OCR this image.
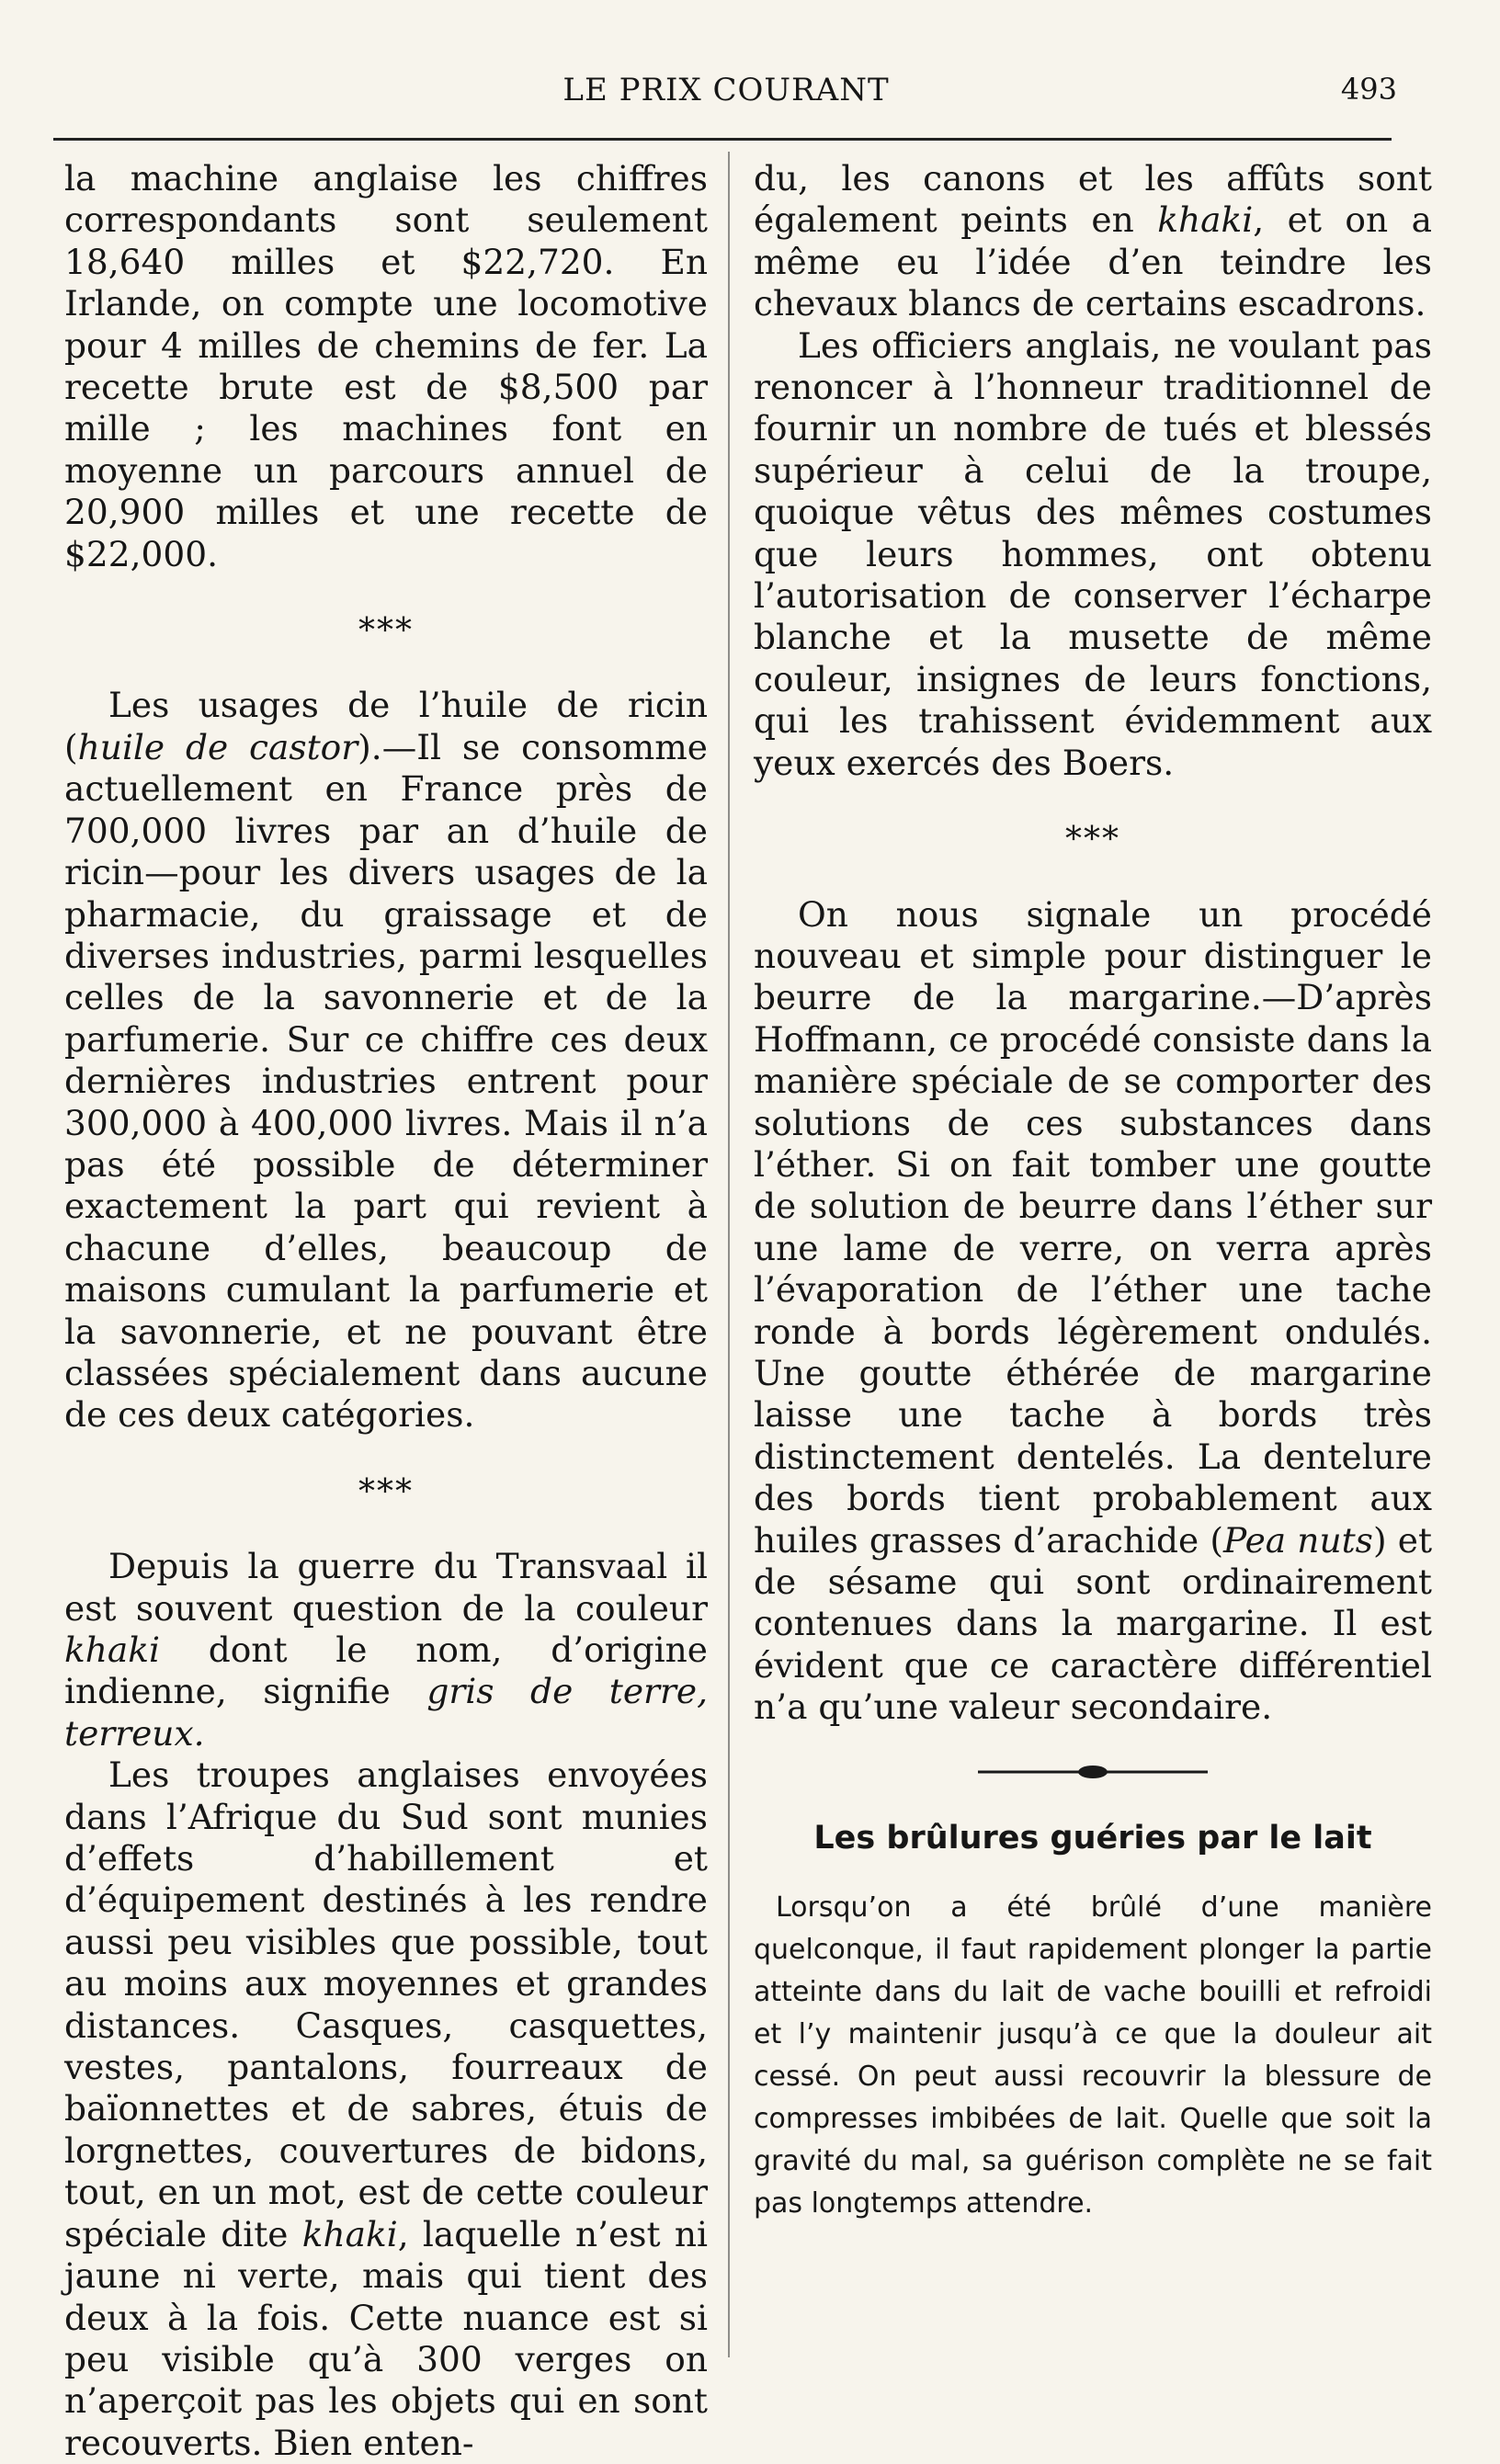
LE PRIX COURANT	493

la machine anglaise les chiffres correspondants sont seulement 18,640 milles et $22,720. En Irlande, on compte une locomotive pour 4 milles de chemins de fer. La recette brute est de $8,500 par mille ; les machines font en moyenne un parcours annuel de 20,900 milles et une recette de $22,000.

***

Les usages de l’huile de ricin (huile de castor).—Il se consomme actuellement en France près de 700,000 livres par an d’huile de ricin—pour les divers usages de la pharmacie, du graissage et de diverses industries, parmi lesquelles celles de la savonnerie et de la parfumerie. Sur ce chiffre ces deux dernières industries entrent pour 300,000 à 400,000 livres. Mais il n’a pas été possible de déterminer exactement la part qui revient à chacune d’elles, beaucoup de maisons cumulant la parfumerie et la savonnerie, et ne pouvant être classées spécialement dans aucune de ces deux catégories.

***

Depuis la guerre du Transvaal il est souvent question de la couleur khaki dont le nom, d’origine indienne, signifie gris de terre, terreux.

Les troupes anglaises envoyées dans l’Afrique du Sud sont munies d’effets d’habillement et d’équipement destinés à les rendre aussi peu visibles que possible, tout au moins aux moyennes et grandes distances. Casques, casquettes, vestes, pantalons, fourreaux de baïonnettes et de sabres, étuis de lorgnettes, couvertures de bidons, tout, en un mot, est de cette couleur spéciale dite khaki, laquelle n’est ni jaune ni verte, mais qui tient des deux à la fois. Cette nuance est si peu visible qu’à 300 verges on n’aperçoit pas les objets qui en sont recouverts. Bien enten-

du, les canons et les affûts sont également peints en khaki, et on a même eu l’idée d’en teindre les chevaux blancs de certains escadrons.

Les officiers anglais, ne voulant pas renoncer à l’honneur traditionnel de fournir un nombre de tués et blessés supérieur à celui de la troupe, quoique vêtus des mêmes costumes que leurs hommes, ont obtenu l’autorisation de conserver l’écharpe blanche et la musette de même couleur, insignes de leurs fonctions, qui les trahissent évidemment aux yeux exercés des Boers.

***

On nous signale un procédé nouveau et simple pour distinguer le beurre de la margarine.—D’après Hoffmann, ce procédé consiste dans la manière spéciale de se comporter des solutions de ces substances dans l’éther. Si on fait tomber une goutte de solution de beurre dans l’éther sur une lame de verre, on verra après l’évaporation de l’éther une tache ronde à bords légèrement ondulés. Une goutte éthérée de margarine laisse une tache à bords très distinctement dentelés. La dentelure des bords tient probablement aux huiles grasses d’arachide (Pea nuts) et de sésame qui sont ordinairement contenues dans la margarine. Il est évident que ce caractère différentiel n’a qu’une valeur secondaire.

Les brûlures guéries par le lait

Lorsqu’on a été brûlé d’une manière quelconque, il faut rapidement plonger la partie atteinte dans du lait de vache bouilli et refroidi et l’y maintenir jusqu’à ce que la douleur ait cessé. On peut aussi recouvrir la blessure de compresses imbibées de lait. Quelle que soit la gravité du mal, sa guérison complète ne se fait pas longtemps attendre.
